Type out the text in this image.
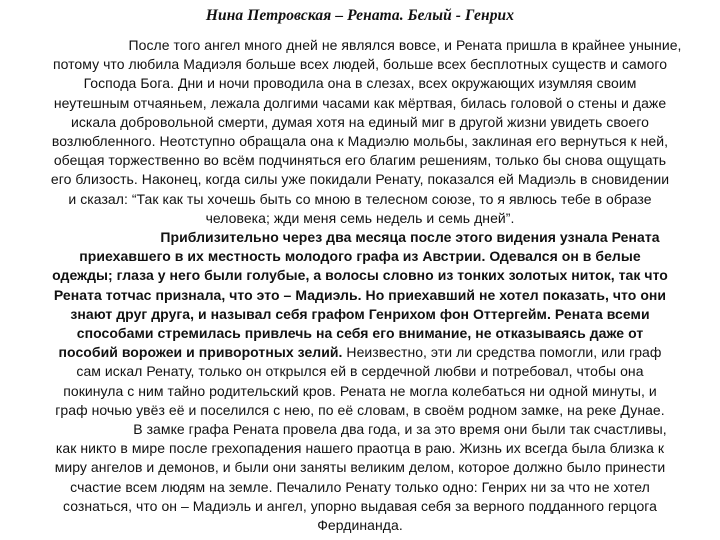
Нина Петровская – Рената. Белый - Генрих
После того ангел много дней не являлся вовсе, и Рената пришла в крайнее уныние,
потому что любила Мадиэля больше всех людей, больше всех бесплотных существ и самого
Господа Бога. Дни и ночи проводила она в слезах, всех окружающих изумляя своим
неутешным отчаяньем, лежала долгими часами как мёртвая, билась головой о стены и даже
искала добровольной смерти, думая хотя на единый миг в другой жизни увидеть своего
возлюбленного. Неотступно обращала она к Мадиэлю мольбы, заклиная его вернуться к ней,
обещая торжественно во всём подчиняться его благим решениям, только бы снова ощущать
его близость. Наконец, когда силы уже покидали Ренату, показался ей Мадиэль в сновидении
и сказал: “Так как ты хочешь быть со мною в телесном союзе, то я явлюсь тебе в образе
человека; жди меня семь недель и семь дней”.
Приблизительно через два месяца после этого видения узнала Рената
приехавшего в их местность молодого графа из Австрии. Одевался он в белые
одежды; глаза у него были голубые, а волосы словно из тонких золотых ниток, так что
Рената тотчас признала, что это – Мадиэль. Но приехавший не хотел показать, что они
знают друг друга, и называл себя графом Генрихом фон Оттергейм. Рената всеми
способами стремилась привлечь на себя его внимание, не отказываясь даже от
пособий ворожеи и приворотных зелий. Неизвестно, эти ли средства помогли, или граф
сам искал Ренату, только он открылся ей в сердечной любви и потребовал, чтобы она
покинула с ним тайно родительский кров. Рената не могла колебаться ни одной минуты, и
граф ночью увёз её и поселился с нею, по её словам, в своём родном замке, на реке Дунае.
В замке графа Рената провела два года, и за это время они были так счастливы,
как никто в мире после грехопадения нашего праотца в раю. Жизнь их всегда была близка к
миру ангелов и демонов, и были они заняты великим делом, которое должно было принести
счастие всем людям на земле. Печалило Ренату только одно: Генрих ни за что не хотел
сознаться, что он – Мадиэль и ангел, упорно выдавая себя за верного подданного герцога
Фердинанда.
